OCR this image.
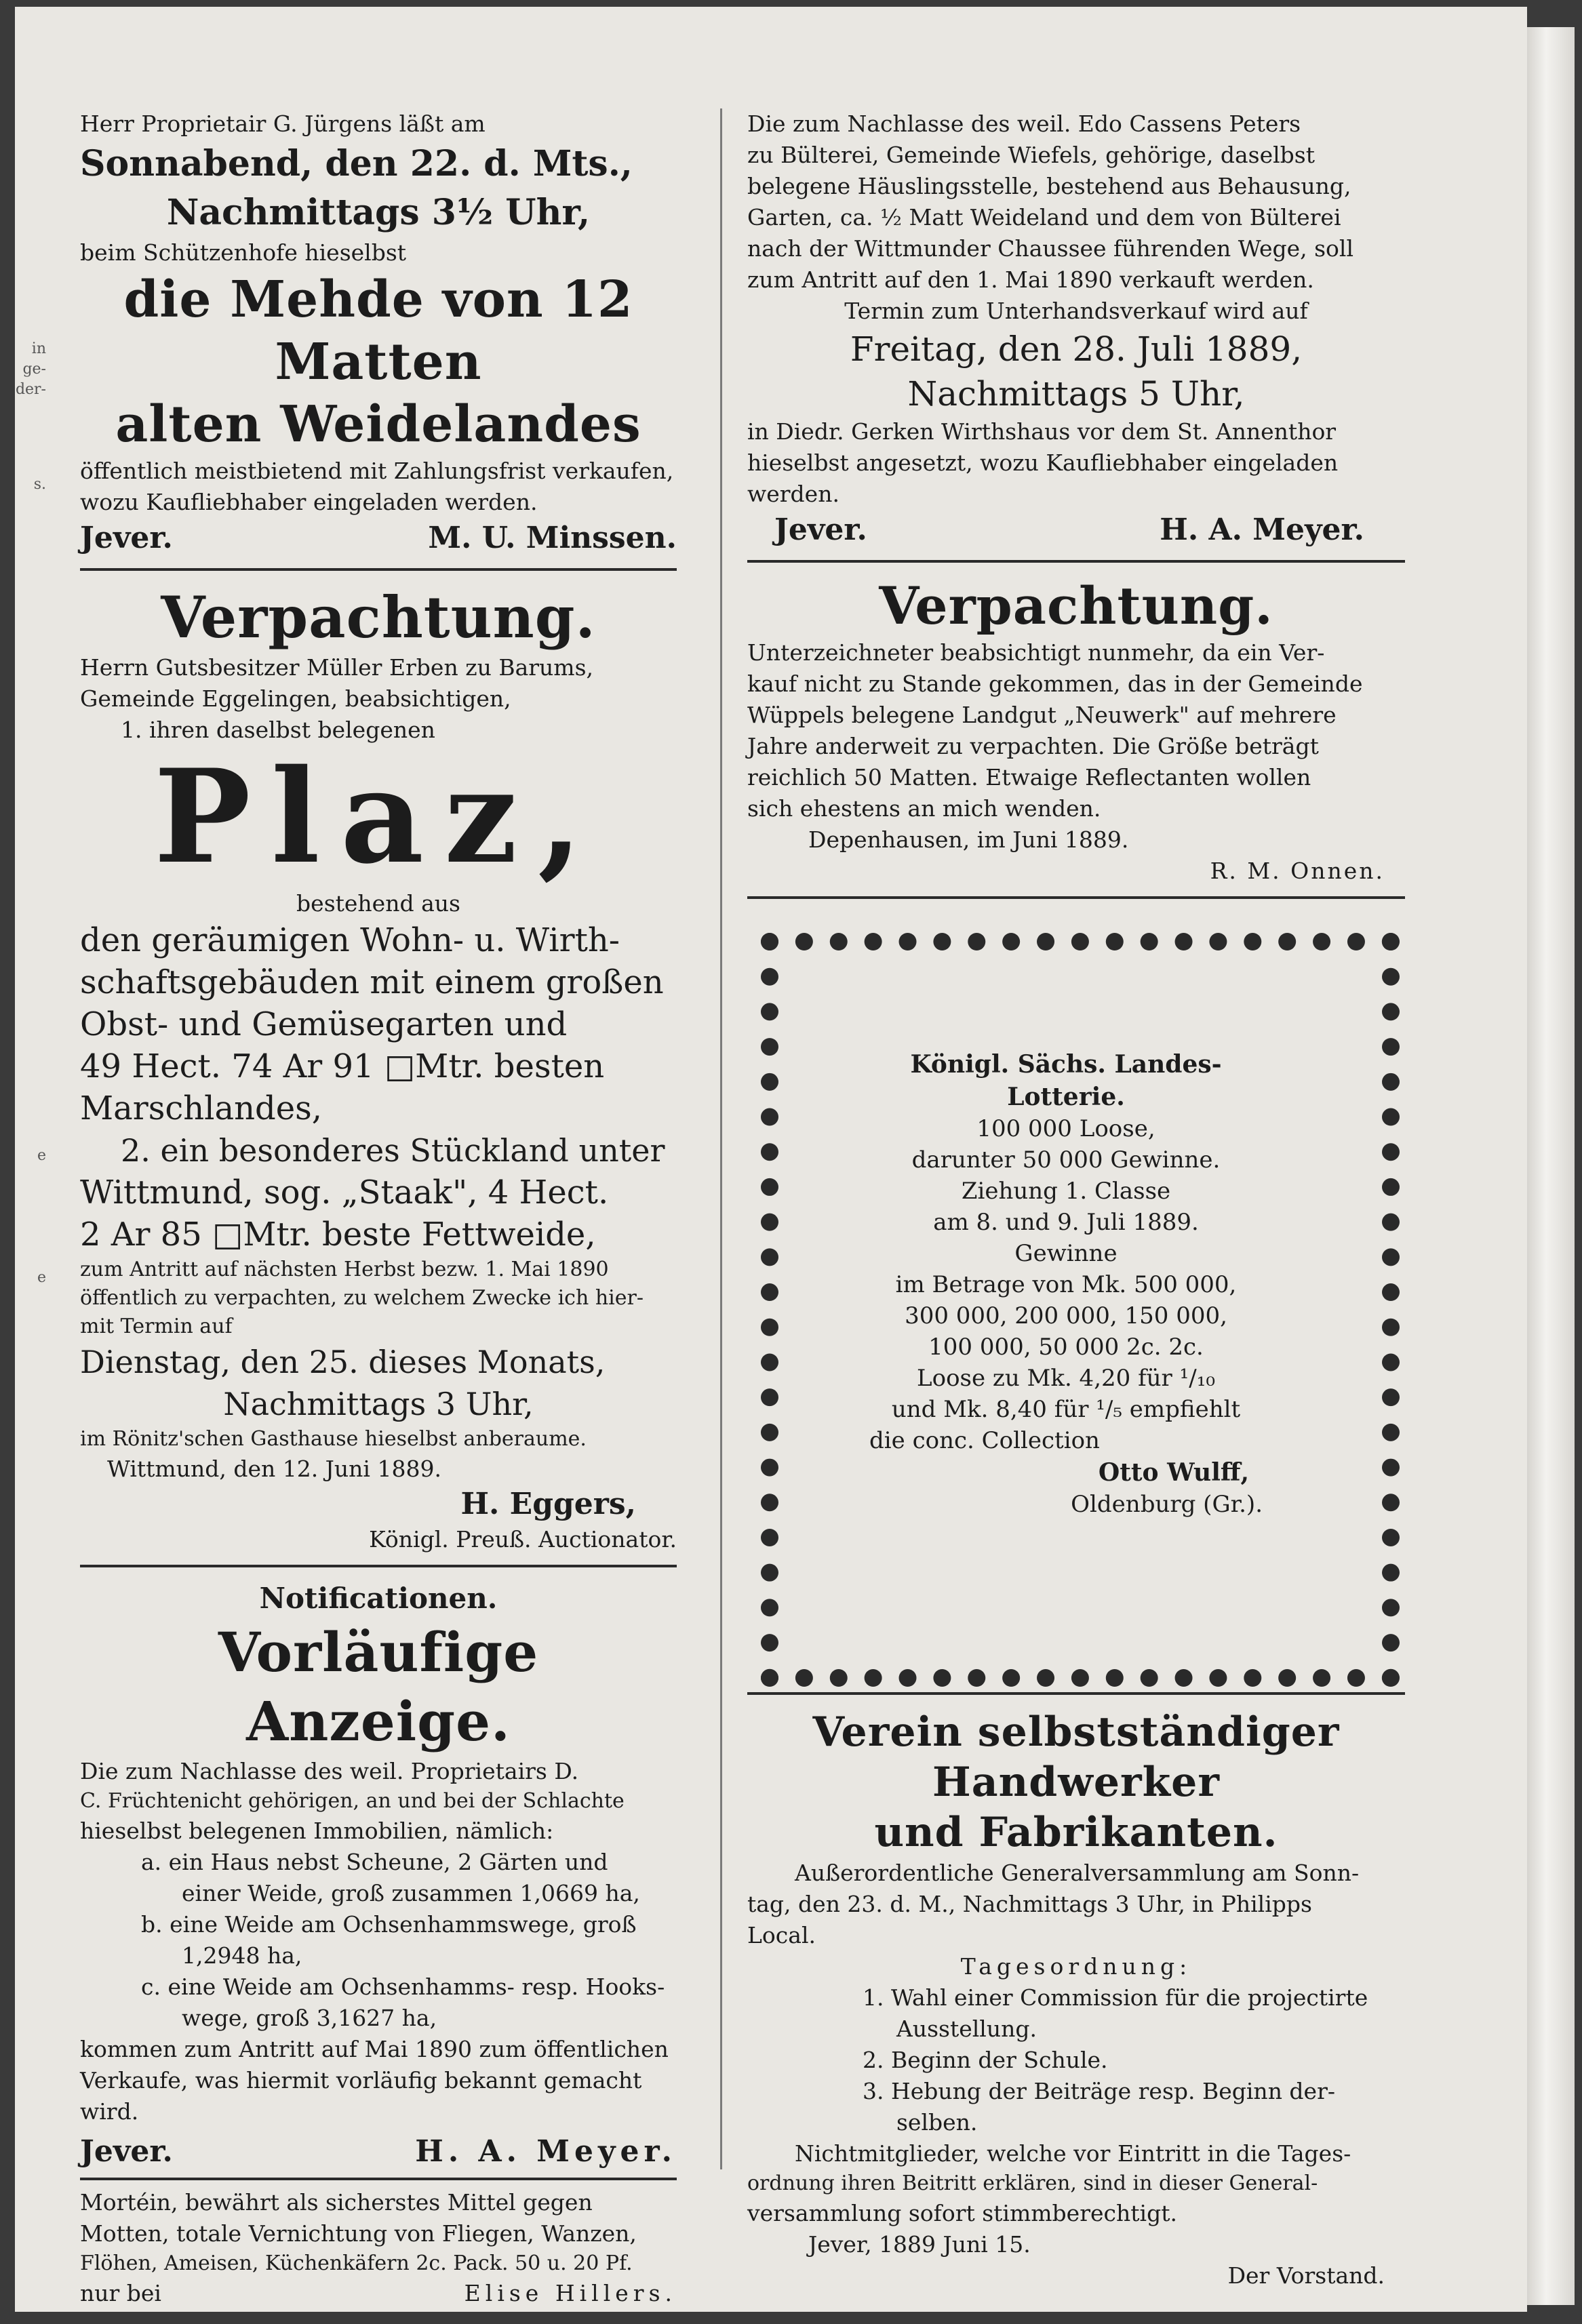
in

ge-

der-

s.

e

e

Herr Proprietair G. Jürgens läßt am

Sonnabend, den 22. d. Mts.,

Nachmittags 3½ Uhr,

beim Schützenhofe hieselbst

die Mehde von 12 Matten

alten Weidelandes

öffentlich meistbietend mit Zahlungsfrist verkaufen,

wozu Kaufliebhaber eingeladen werden.

Jever.	M. U. Minssen.

Verpachtung.

Herrn Gutsbesitzer Müller Erben zu Barums,

Gemeinde Eggelingen, beabsichtigen,

1. ihren daselbst belegenen

Plaz,

bestehend aus

den geräumigen Wohn- u. Wirth-

schaftsgebäuden mit einem großen

Obst- und Gemüsegarten und

49 Hect. 74 Ar 91 □Mtr. besten

Marschlandes,

2. ein besonderes Stückland unter

Wittmund, sog. „Staak", 4 Hect.

2 Ar 85 □Mtr. beste Fettweide,

zum Antritt auf nächsten Herbst bezw. 1. Mai 1890

öffentlich zu verpachten, zu welchem Zwecke ich hier-

mit Termin auf

Dienstag, den 25. dieses Monats,

Nachmittags 3 Uhr,

im Rönitz'schen Gasthause hieselbst anberaume.

Wittmund, den 12. Juni 1889.

H. Eggers,

Königl. Preuß. Auctionator.

Notificationen.

Vorläufige Anzeige.

Die zum Nachlasse des weil. Proprietairs D.

C. Früchtenicht gehörigen, an und bei der Schlachte

hieselbst belegenen Immobilien, nämlich:

a. ein Haus nebst Scheune, 2 Gärten und

einer Weide, groß zusammen 1,0669 ha,

b. eine Weide am Ochsenhammswege, groß

1,2948 ha,

c. eine Weide am Ochsenhamms- resp. Hooks-

wege, groß 3,1627 ha,

kommen zum Antritt auf Mai 1890 zum öffentlichen

Verkaufe, was hiermit vorläufig bekannt gemacht

wird.

Jever.	H. A. Meyer.

Mortéin, bewährt als sicherstes Mittel gegen

Motten, totale Vernichtung von Fliegen, Wanzen,

Flöhen, Ameisen, Küchenkäfern 2c. Pack. 50 u. 20 Pf.

nur bei	Elise Hillers.

Die zum Nachlasse des weil. Edo Cassens Peters

zu Bülterei, Gemeinde Wiefels, gehörige, daselbst

belegene Häuslingsstelle, bestehend aus Behausung,

Garten, ca. ½ Matt Weideland und dem von Bülterei

nach der Wittmunder Chaussee führenden Wege, soll

zum Antritt auf den 1. Mai 1890 verkauft werden.

Termin zum Unterhandsverkauf wird auf

Freitag, den 28. Juli 1889,

Nachmittags 5 Uhr,

in Diedr. Gerken Wirthshaus vor dem St. Annenthor

hieselbst angesetzt, wozu Kaufliebhaber eingeladen

werden.

Jever.	H. A. Meyer.

Verpachtung.

Unterzeichneter beabsichtigt nunmehr, da ein Ver-

kauf nicht zu Stande gekommen, das in der Gemeinde

Wüppels belegene Landgut „Neuwerk" auf mehrere

Jahre anderweit zu verpachten. Die Größe beträgt

reichlich 50 Matten. Etwaige Reflectanten wollen

sich ehestens an mich wenden.

Depenhausen, im Juni 1889.

R. M. Onnen.

Königl. Sächs. Landes-

Lotterie.

100 000 Loose,

darunter 50 000 Gewinne.

Ziehung 1. Classe

am 8. und 9. Juli 1889.

Gewinne

im Betrage von Mk. 500 000,

300 000, 200 000, 150 000,

100 000, 50 000 2c. 2c.

Loose zu Mk. 4,20 für ¹/₁₀

und Mk. 8,40 für ¹/₅ empfiehlt

die conc. Collection

Otto Wulff,

Oldenburg (Gr.).

Verein selbstständiger Handwerker

und Fabrikanten.

Außerordentliche Generalversammlung am Sonn-

tag, den 23. d. M., Nachmittags 3 Uhr, in Philipps

Local.

Tagesordnung:

1. Wahl einer Commission für die projectirte

Ausstellung.

2. Beginn der Schule.

3. Hebung der Beiträge resp. Beginn der-

selben.

Nichtmitglieder, welche vor Eintritt in die Tages-

ordnung ihren Beitritt erklären, sind in dieser General-

versammlung sofort stimmberechtigt.

Jever, 1889 Juni 15.

Der Vorstand.
